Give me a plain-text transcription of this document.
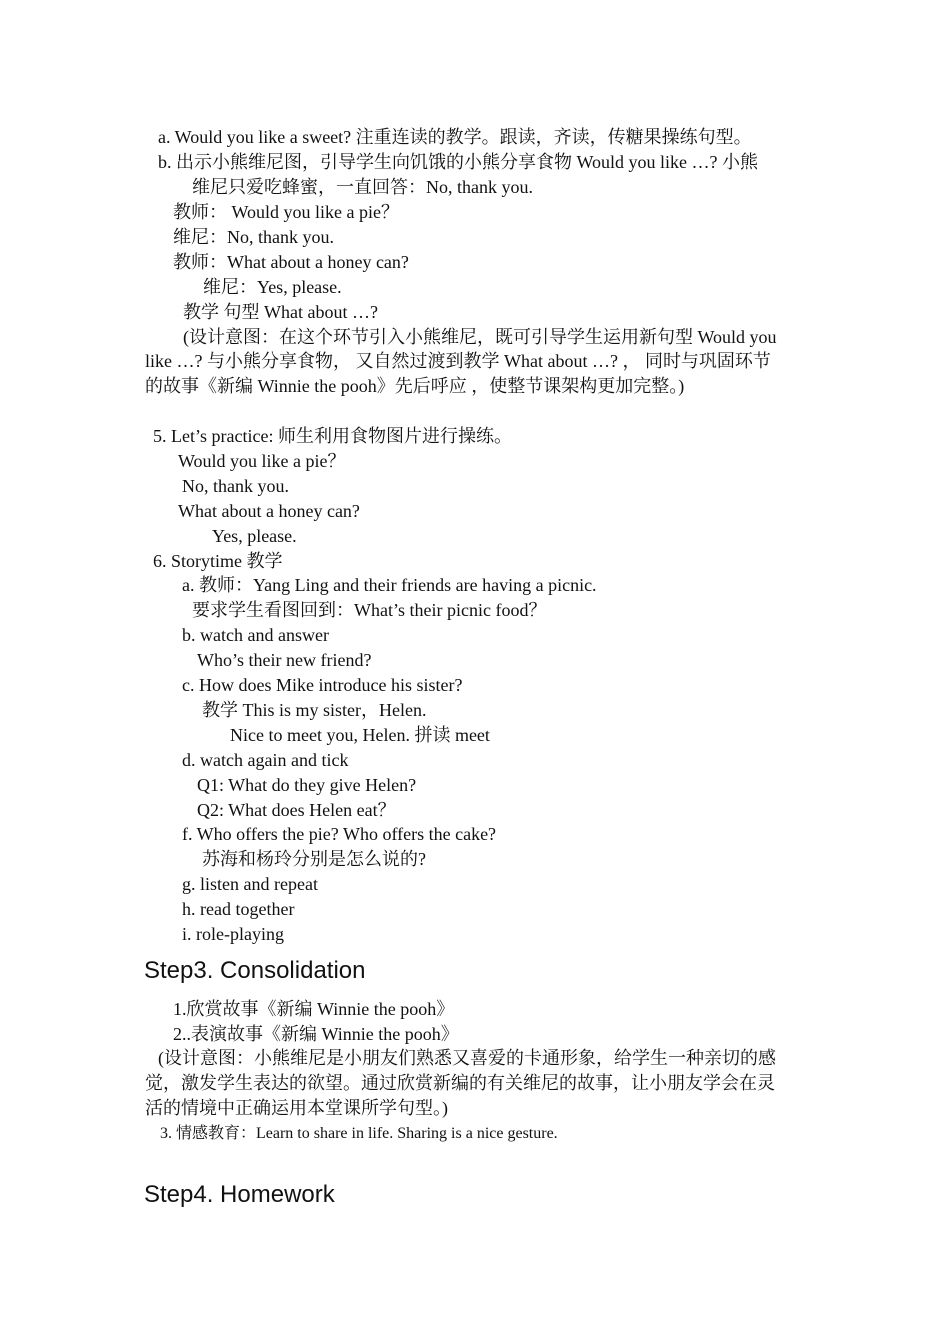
a. Would you like a sweet? 注重连读的教学。跟读，齐读，传糖果操练句型。
b. 出示小熊维尼图，引导学生向饥饿的小熊分享食物 Would you like …? 小熊
维尼只爱吃蜂蜜，一直回答：No, thank you.
教师： Would you like a pie？
维尼：No, thank you.
教师：What about a honey can?
维尼：Yes, please.
教学 句型 What about …?
(设计意图：在这个环节引入小熊维尼，既可引导学生运用新句型 Would you
like …? 与小熊分享食物， 又自然过渡到教学 What about …? ， 同时与巩固环节
的故事《新编 Winnie the pooh》先后呼应 ，使整节课架构更加完整。)
5. Let’s practice: 师生利用食物图片进行操练。
Would you like a pie？
No, thank you.
What about a honey can?
Yes, please.
6. Storytime 教学
a. 教师：Yang Ling and their friends are having a picnic.
要求学生看图回到：What’s their picnic food？
b. watch and answer
Who’s their new friend?
c. How does Mike introduce his sister?
教学 This is my sister，Helen.
Nice to meet you, Helen. 拼读 meet
d. watch again and tick
Q1: What do they give Helen?
Q2: What does Helen eat？
f. Who offers the pie? Who offers the cake?
苏海和杨玲分别是怎么说的?
g. listen and repeat
h. read together
i. role-playing
Step3. Consolidation
1.欣赏故事《新编 Winnie the pooh》
2..表演故事《新编 Winnie the pooh》
(设计意图：小熊维尼是小朋友们熟悉又喜爱的卡通形象，给学生一种亲切的感
觉，激发学生表达的欲望。通过欣赏新编的有关维尼的故事，让小朋友学会在灵
活的情境中正确运用本堂课所学句型。)
3. 情感教育：Learn to share in life. Sharing is a nice gesture.
Step4. Homework
